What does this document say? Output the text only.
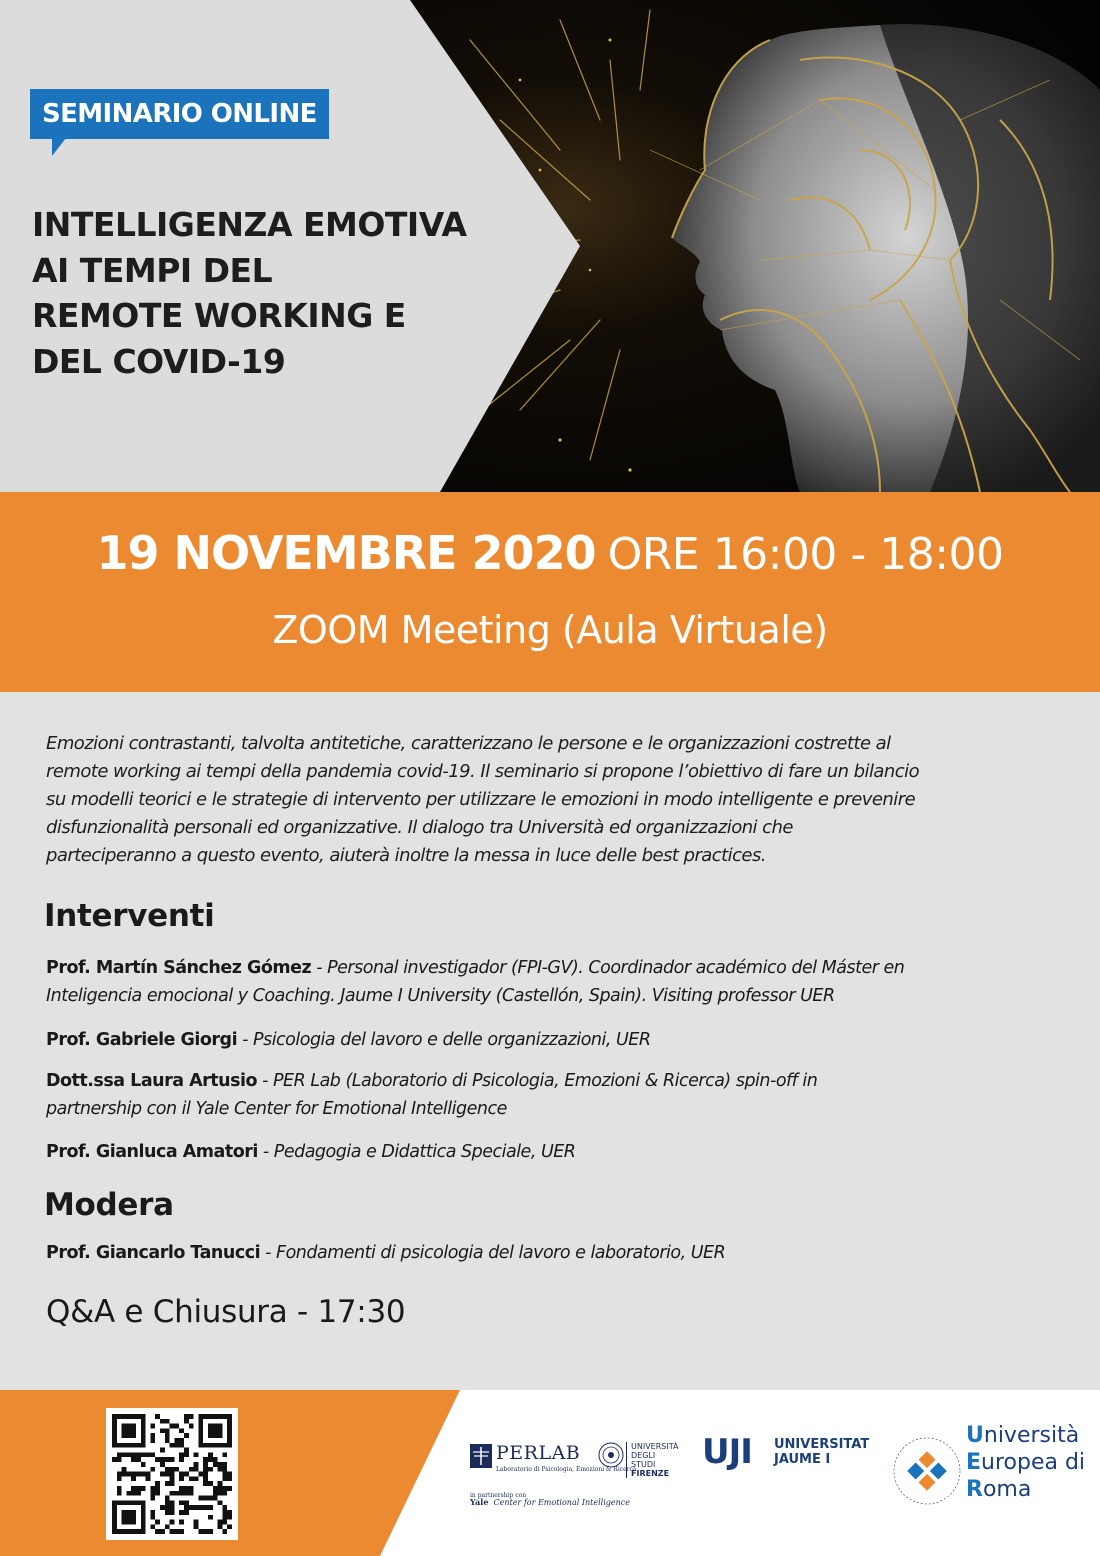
SEMINARIO ONLINE
INTELLIGENZA EMOTIVA
AI TEMPI DEL
REMOTE WORKING E
DEL COVID-19
19 NOVEMBRE 2020 ORE 16:00 - 18:00
ZOOM Meeting (Aula Virtuale)
Emozioni contrastanti, talvolta antitetiche, caratterizzano le persone e le organizzazioni costrette al
remote working ai tempi della pandemia covid-19. Il seminario si propone l’obiettivo di fare un bilancio
su modelli teorici e le strategie di intervento per utilizzare le emozioni in modo intelligente e prevenire
disfunzionalità personali ed organizzative. Il dialogo tra Università ed organizzazioni che
parteciperanno a questo evento, aiuterà inoltre la messa in luce delle best practices.
Interventi
Prof. Martín Sánchez Gómez - Personal investigador (FPI-GV). Coordinador académico del Máster en
Inteligencia emocional y Coaching. Jaume I University (Castellón, Spain). Visiting professor UER
Prof. Gabriele Giorgi - Psicologia del lavoro e delle organizzazioni, UER
Dott.ssa Laura Artusio - PER Lab (Laboratorio di Psicologia, Emozioni & Ricerca) spin-off in
partnership con il Yale Center for Emotional Intelligence
Prof. Gianluca Amatori - Pedagogia e Didattica Speciale, UER
Modera
Prof. Giancarlo Tanucci - Fondamenti di psicologia del lavoro e laboratorio, UER
Q&A e Chiusura - 17:30
PERLAB
Laboratorio di Psicologia, Emozioni & Ricerca
in partnership con
Yale Center for Emotional Intelligence
UNIVERSITÀ
DEGLI STUDI
FIRENZE
UJI UNIVERSITAT
JAUME I
Università
Europea di
Roma
